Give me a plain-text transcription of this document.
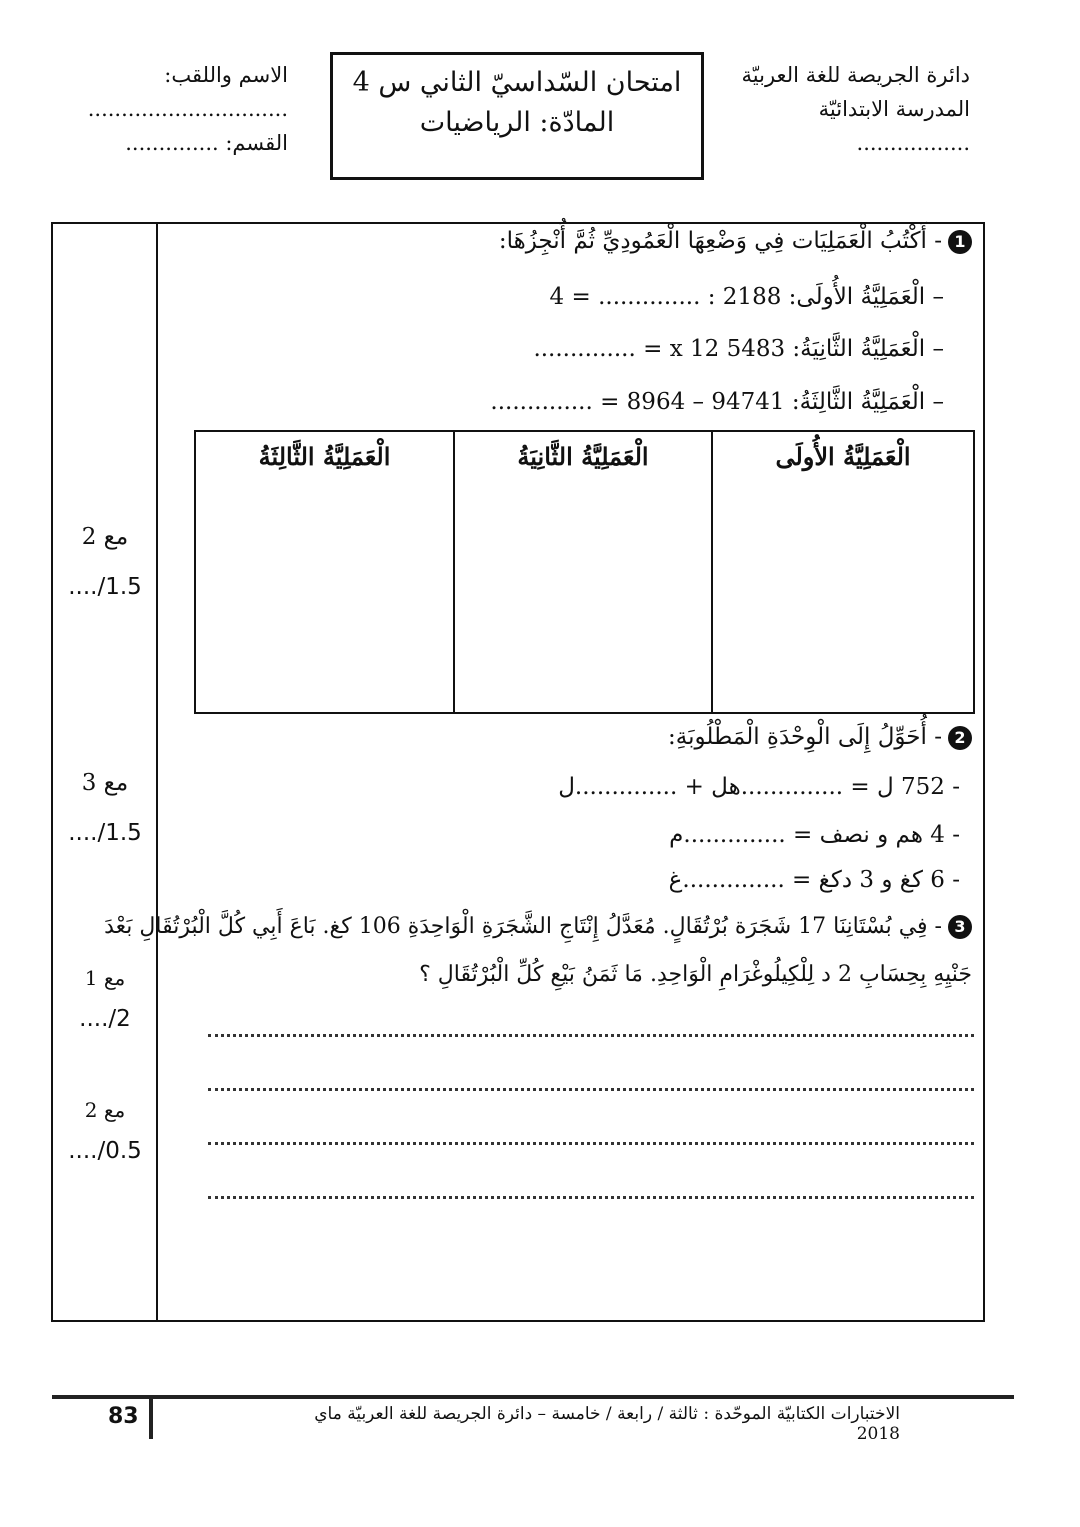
دائرة الجريصة للغة العربيّة
المدرسة الابتدائيّة
.................
امتحان السّداسيّ الثاني س 4
المادّة: الرياضيات
الاسم واللقب:
..............................
القسم: ..............
1- أَكْتُبُ الْعَمَلِيَات فِي وَضْعِهَا الْعَمُودِيِّ ثُمَّ أُنْجِزُهَا:
– الْعَمَلِيَّةُ الأُولَى: 2188 : .............. = 4
– الْعَمَلِيَّةُ الثَّانِيَةُ: 5483 x 12 = ..............
– الْعَمَلِيَّةُ الثَّالِثَةُ: 94741 – 8964 = ..............
الْعَمَلِيَّةُ الأُولَى
الْعَمَلِيَّةُ الثَّانِيَةُ
الْعَمَلِيَّةُ الثَّالِثَةُ
2- أُحَوِّلُ إِلَى الْوِحْدَةِ الْمَطْلُوبَةِ:
- 752 ل = ..............هل + ..............ل
- 4 هم و نصف = ..............م
- 6 كغ و 3 دكغ = ..............غ
3- فِي بُسْتَانِنَا 17 شَجَرَة بُرْتُقَالٍ. مُعَدَّلُ إِنْتَاجِ الشَّجَرَةِ الْوَاحِدَةِ 106 كغ. بَاعَ أَبِي كُلَّ الْبُرْتُقَالِ بَعْدَ
جَنْيِهِ بِحِسَابِ 2 د لِلْكِيلُوغْرَامِ الْوَاحِدِ. مَا ثَمَنُ بَيْعِ كُلِّ الْبُرْتُقَالِ ؟
مع 2
..../1.5
مع 3
..../1.5
مع 1
..../2
مع 2
..../0.5
83	الاختبارات الكتابيّة الموحّدة : ثالثة / رابعة / خامسة – دائرة الجريصة للغة العربيّة ماي 2018
